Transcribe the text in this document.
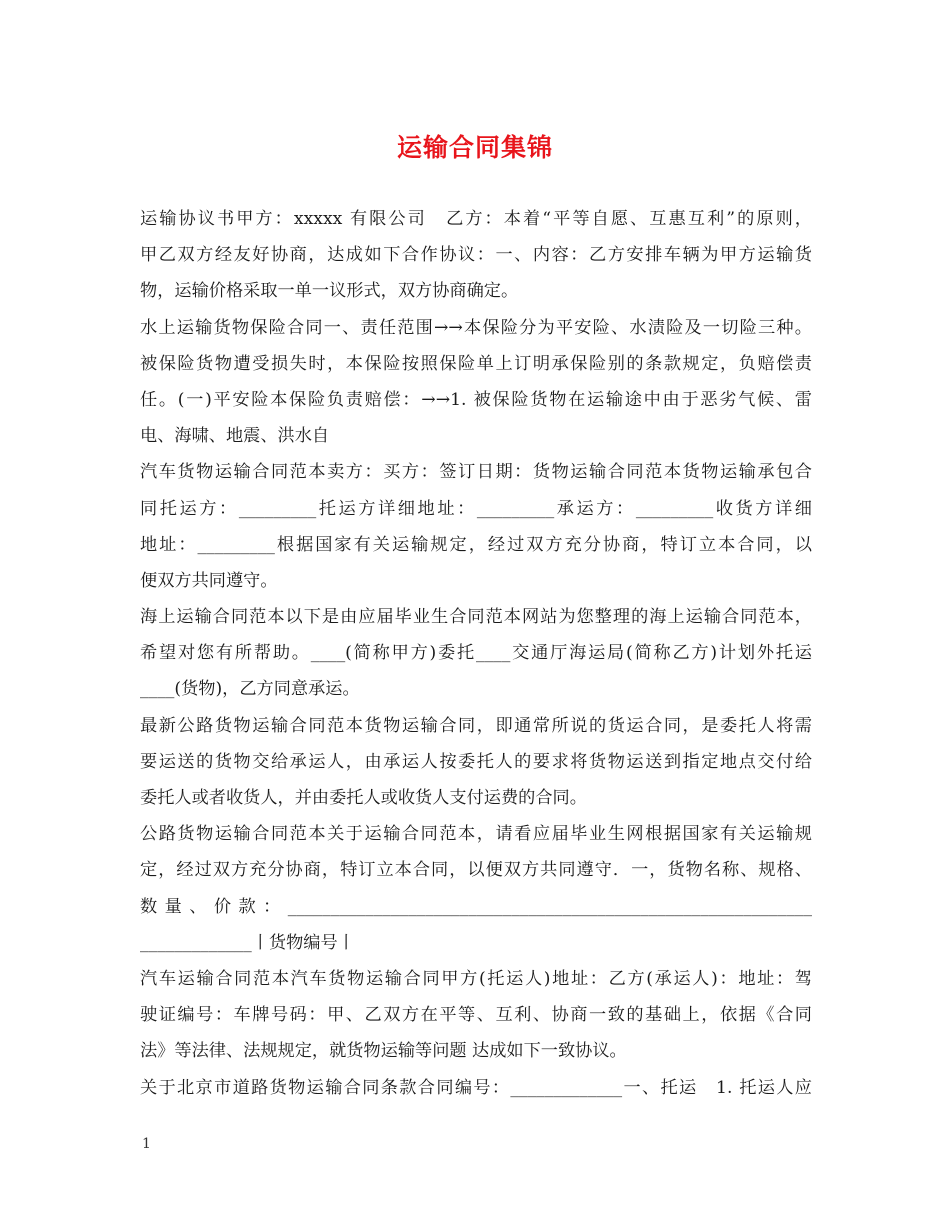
运输合同集锦
运输协议书甲方：xxxxx 有限公司　乙方：本着“平等自愿、互惠互利”的原则，
甲乙双方经友好协商，达成如下合作协议：一、内容：乙方安排车辆为甲方运输货
物，运输价格采取一单一议形式，双方协商确定。
水上运输货物保险合同一、责任范围→→本保险分为平安险、水渍险及一切险三种。
被保险货物遭受损失时，本保险按照保险单上订明承保险别的条款规定，负赔偿责
任。(一)平安险本保险负责赔偿：→→1. 被保险货物在运输途中由于恶劣气候、雷
电、海啸、地震、洪水自
汽车货物运输合同范本卖方：买方：签订日期：货物运输合同范本货物运输承包合
同托运方：_________托运方详细地址：_________承运方：_________收货方详细
地址：_________根据国家有关运输规定，经过双方充分协商，特订立本合同，以
便双方共同遵守。
海上运输合同范本以下是由应届毕业生合同范本网站为您整理的海上运输合同范本，
希望对您有所帮助。____(简称甲方)委托____交通厅海运局(简称乙方)计划外托运
____(货物)，乙方同意承运。
最新公路货物运输合同范本货物运输合同，即通常所说的货运合同，是委托人将需
要运送的货物交给承运人，由承运人按委托人的要求将货物运送到指定地点交付给
委托人或者收货人，并由委托人或收货人支付运费的合同。
公路货物运输合同范本关于运输合同范本，请看应届毕业生网根据国家有关运输规
定，经过双方充分协商，特订立本合同，以便双方共同遵守．一，货物名称、规格、
数量、价款：_____________________________________________________________
_____________丨货物编号丨
汽车运输合同范本汽车货物运输合同甲方(托运人)地址：乙方(承运人)：地址：驾
驶证编号：车牌号码：甲、乙双方在平等、互利、协商一致的基础上，依据《合同
法》等法律、法规规定，就货物运输等问题 达成如下一致协议。
关于北京市道路货物运输合同条款合同编号：_____________一、托运　1. 托运人应
1
